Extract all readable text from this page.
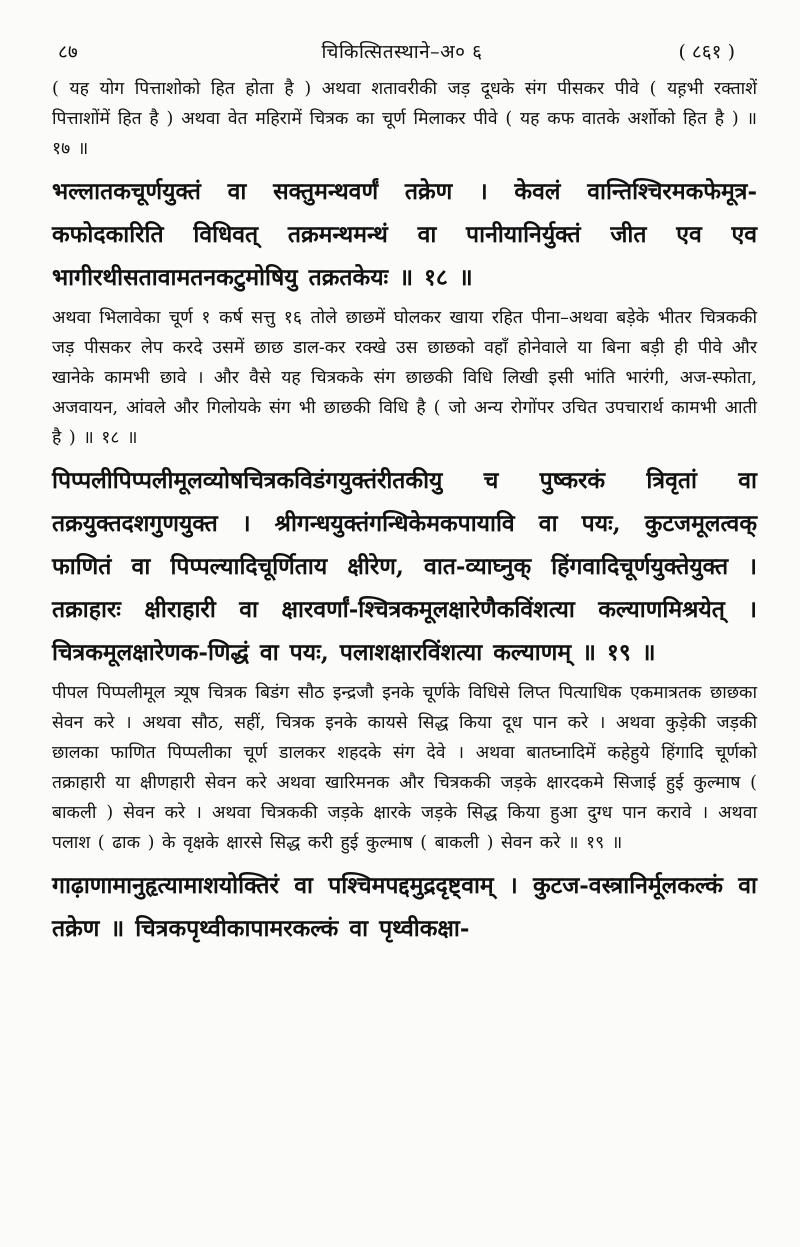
८७	चिकित्सितस्थाने–अ० ६	( ८६१ )

( यह योग पित्ताशोको हित होता है ) अथवा शतावरीकी जड़ दूधके संग पीसकर पीवे ( यह़भी रक्ताशें पित्ताशोंमें हित है ) अथवा वेत महिरामें चित्रक का चूर्ण मिलाकर पीवे ( यह कफ वातके अर्शोको हित है ) ॥ १७ ॥

भल्लातकचूर्णयुक्तं वा सक्तुमन्थवर्णं तक्रेण । केवलं वान्तिश्चिरमकफेमूत्र-कफोदकारिति विधिवत् तक्रमन्थमन्थं वा पानीयानिर्युक्तं जीत एव एव भागीरथीसतावामतनकटुमोषियु तक्रतकेयः ॥ १८ ॥

अथवा भिलावेका चूर्ण १ कर्ष सत्तु १६ तोले छाछमें घोलकर खाया रहित पीना–अथवा बड़ेके भीतर चित्रककी जड़ पीसकर लेप करदे उसमें छाछ डाल-कर रक्खे उस छाछको वहाँ होनेवाले या बिना बड़ी ही पीवे और खानेके कामभी छावे । और वैसे यह चित्रकके संग छाछकी विधि लिखी इसी भांति भारंगी, अज-स्फोता, अजवायन, आंवले और गिलोयके संग भी छाछकी विधि है ( जो अन्य रोगोंपर उचित उपचारार्थ कामभी आती है ) ॥ १८ ॥

पिप्पलीपिप्पलीमूलव्योषचित्रकविडंगयुक्तंरीतकीयु च पुष्करकं त्रिवृतां वा तक्रयुक्तदशगुणयुक्त । श्रीगन्धयुक्तंगन्धिकेमकपायावि वा पयः, कुटजमूलत्वक् फाणितं वा पिप्पल्यादिचूर्णिताय क्षीरेण, वात-व्याघ्नुक् हिंगवादिचूर्णयुक्तेयुक्त । तक्राहारः क्षीराहारी वा क्षारवर्णां-श्चित्रकमूलक्षारेणैकविंशत्या कल्याणमिश्रयेत् । चित्रकमूलक्षारेणक-णिद्धं वा पयः, पलाशक्षारविंशत्या कल्याणम् ॥ १९ ॥

पीपल पिप्पलीमूल त्र्यूष चित्रक बिडंग सौठ इन्द्रजौ इनके चूर्णके विधिसे लिप्त पित्याधिक एकमात्रतक छाछका सेवन करे । अथवा सौठ, सहीं, चित्रक इनके कायसे सिद्ध किया दूध पान करे । अथवा कुड़ेकी जड़की छालका फाणित पिप्पलीका चूर्ण डालकर शहदके संग देवे । अथवा बातघ्नादिमें कहेहुये हिंगादि चूर्णको तक्राहारी या क्षीणहारी सेवन करे अथवा खारिमनक और चित्रककी जड़के क्षारदकमे सिजाई हुई कुल्माष ( बाकली ) सेवन करे । अथवा चित्रककी जड़के क्षारके जड़के सिद्ध किया हुआ दुग्ध पान करावे । अथवा पलाश ( ढाक ) के वृक्षके क्षारसे सिद्ध करी हुई कुल्माष ( बाकली ) सेवन करे ॥ १९ ॥

गाढ़ाणामानुहृत्यामाशयोक्तिरं वा पश्चिमपद्दमुद्रदृष्ट्वाम् । कुटज-वस्त्रानिर्मूलकल्कं वा तक्रेण ॥ चित्रकपृथ्वीकापामरकल्कं वा पृथ्वीकक्षा-
